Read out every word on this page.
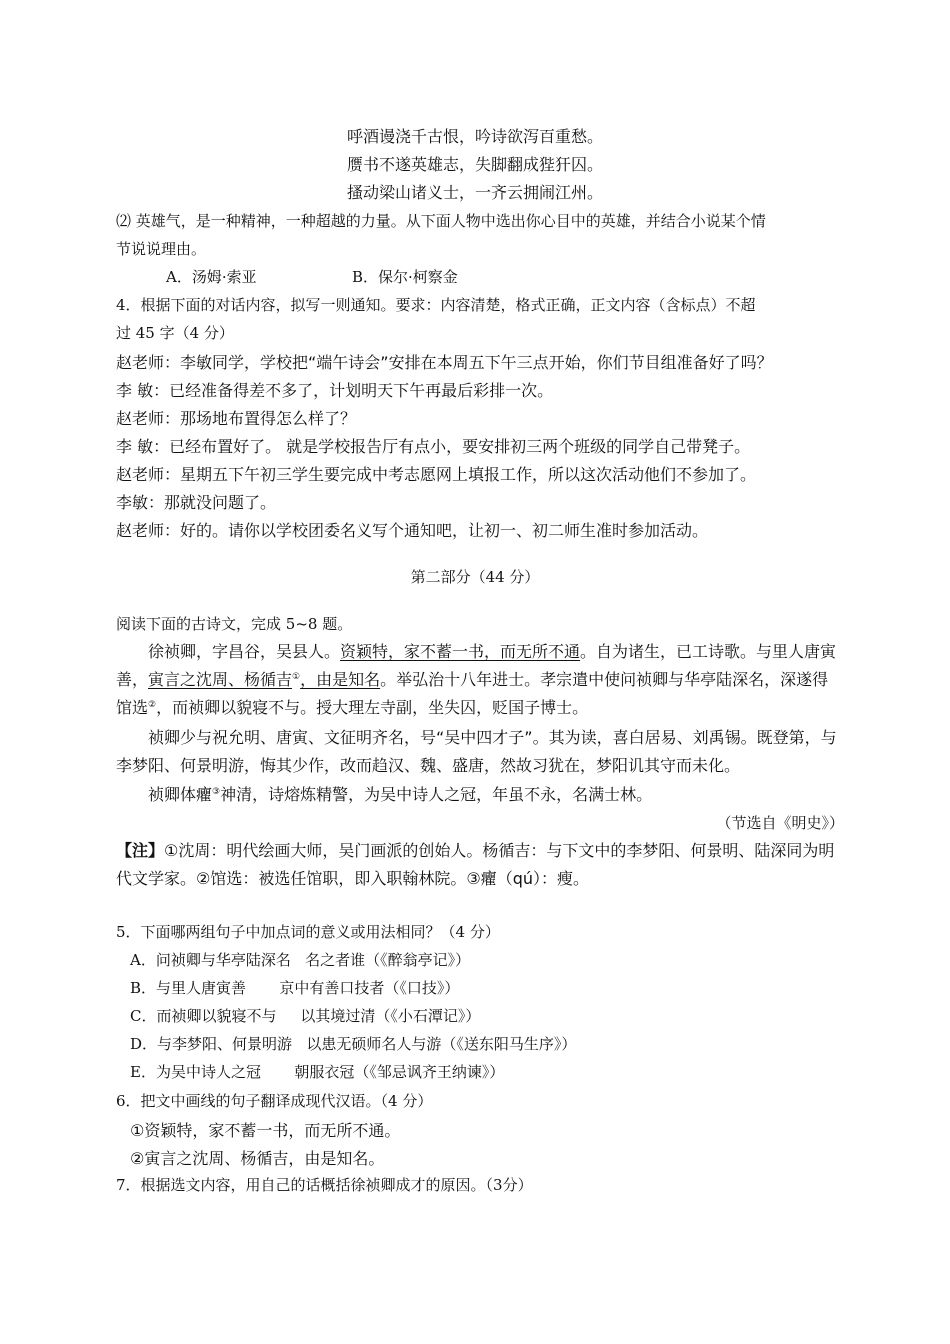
呼酒谩浇千古恨，吟诗欲泻百重愁。
赝书不遂英雄志，失脚翻成狴犴囚。
搔动梁山诸义士，一齐云拥闹江州。
⑵ 英雄气，是一种精神，一种超越的力量。从下面人物中选出你心目中的英雄，并结合小说某个情
节说说理由。
A．汤姆·索亚	B．保尔·柯察金
4．根据下面的对话内容，拟写一则通知。要求：内容清楚，格式正确，正文内容（含标点）不超
过 45 字（4 分）
赵老师：李敏同学，学校把“端午诗会”安排在本周五下午三点开始，你们节目组准备好了吗？
李 敏：已经准备得差不多了，计划明天下午再最后彩排一次。
赵老师：那场地布置得怎么样了？
李 敏：已经布置好了。 就是学校报告厅有点小，要安排初三两个班级的同学自己带凳子。
赵老师：星期五下午初三学生要完成中考志愿网上填报工作，所以这次活动他们不参加了。
李敏：那就没问题了。
赵老师：好的。请你以学校团委名义写个通知吧，让初一、初二师生准时参加活动。
第二部分（44 分）
阅读下面的古诗文，完成 5~8 题。
徐祯卿，字昌谷，吴县人。资颖特，家不蓄一书，而无所不通。自为诸生，已工诗歌。与里人唐寅
善，寅言之沈周、杨循吉①，由是知名。举弘治十八年进士。孝宗遣中使问祯卿与华亭陆深名，深遂得
馆选②，而祯卿以貌寝不与。授大理左寺副，坐失囚，贬国子博士。
祯卿少与祝允明、唐寅、文征明齐名，号“吴中四才子”。其为读，喜白居易、刘禹锡。既登第，与
李梦阳、何景明游，悔其少作，改而趋汉、魏、盛唐，然故习犹在，梦阳讥其守而未化。
祯卿体癯③神清，诗熔炼精警，为吴中诗人之冠，年虽不永，名满士林。
（节选自《明史》）
【注】①沈周：明代绘画大师，吴门画派的创始人。杨循吉：与下文中的李梦阳、何景明、陆深同为明
代文学家。②馆选：被选任馆职，即入职翰林院。③癯（qú）：瘦。
5．下面哪两组句子中加点词的意义或用法相同？（4 分）
A．问祯卿与华亭陆深名   名之者谁（《醉翁亭记》）
B．与里人唐寅善       京中有善口技者（《口技》）
C．而祯卿以貌寝不与     以其境过清（《小石潭记》）
D．与李梦阳、何景明游   以患无硕师名人与游（《送东阳马生序》）
E．为吴中诗人之冠       朝服衣冠（《邹忌讽齐王纳谏》）
6．把文中画线的句子翻译成现代汉语。（4 分）
①资颖特，家不蓄一书，而无所不通。
②寅言之沈周、杨循吉，由是知名。
7．根据选文内容，用自己的话概括徐祯卿成才的原因。（3分）
